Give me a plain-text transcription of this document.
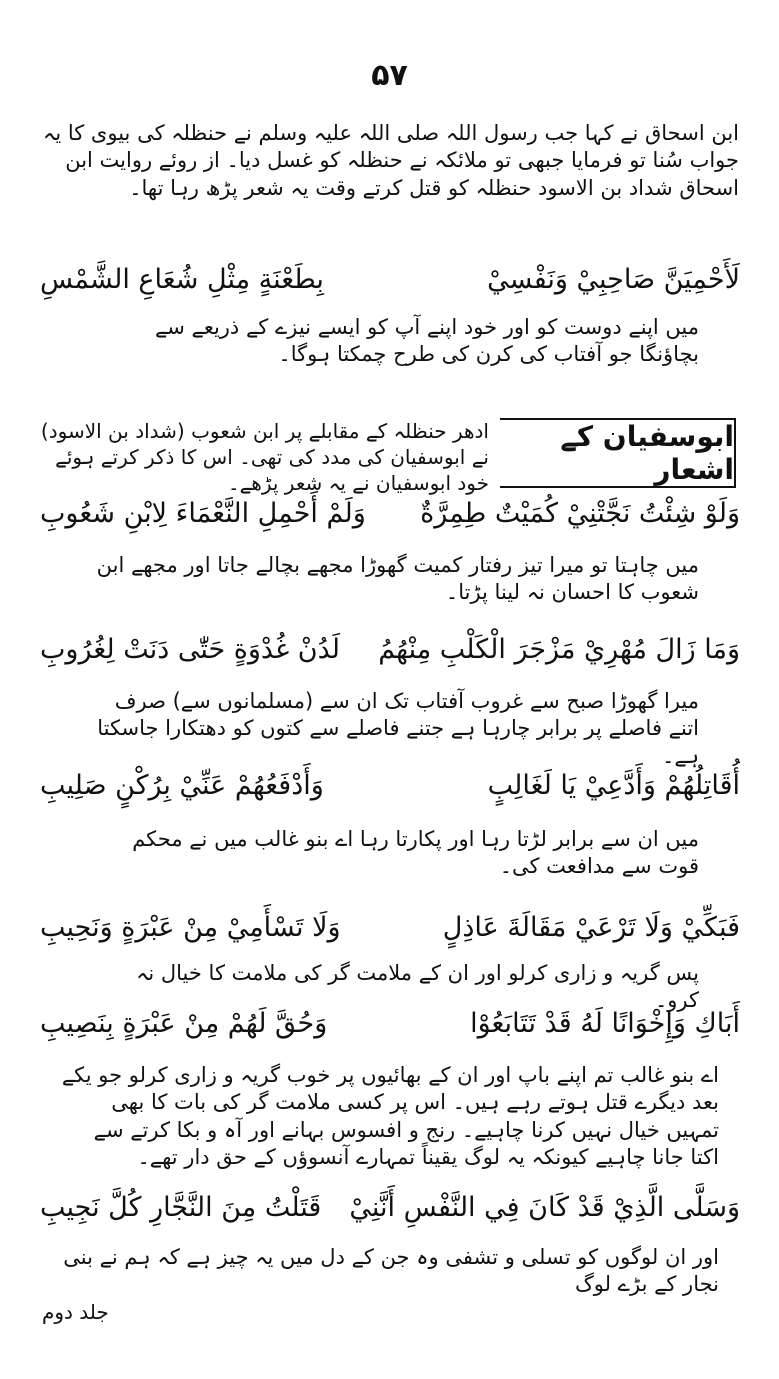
۵۷

ابن اسحاق نے کہا جب رسول اللہ صلی اللہ علیہ وسلم نے حنظلہ کی بیوی کا یہ جواب سُنا تو فرمایا جبھی تو ملائکہ نے حنظلہ کو غسل دیا۔ از روئے روایت ابن اسحاق شداد بن الاسود حنظلہ کو قتل کرتے وقت یہ شعر پڑھ رہا تھا۔

لَأَحْمِيَنَّ صَاحِبِيْ وَنَفْسِيْ
بِطَعْنَةٍ مِثْلِ شُعَاعِ الشَّمْسِ

میں اپنے دوست کو اور خود اپنے آپ کو ایسے نیزے کے ذریعے سے بچاؤنگا جو آفتاب کی کرن کی طرح چمکتا ہوگا۔

ابوسفیان کے اشعار

ادھر حنظلہ کے مقابلے پر ابن شعوب (شداد بن الاسود) نے ابوسفیان کی مدد کی تھی۔ اس کا ذکر کرتے ہوئے خود ابوسفیان نے یہ شعر پڑھے۔

وَلَوْ شِئْتُ نَجَّتْنِيْ كُمَيْتٌ طِمِرَّةٌ
وَلَمْ أَحْمِلِ النَّعْمَاءَ لِابْنِ شَعُوبِ

میں چاہتا تو میرا تیز رفتار کمیت گھوڑا مجھے بچالے جاتا اور مجھے ابن شعوب کا احسان نہ لینا پڑتا۔

وَمَا زَالَ مُهْرِيْ مَزْجَرَ الْكَلْبِ مِنْهُمُ
لَدُنْ غُدْوَةٍ حَتّٰى دَنَتْ لِغُرُوبِ

میرا گھوڑا صبح سے غروب آفتاب تک ان سے (مسلمانوں سے) صرف اتنے فاصلے پر برابر چارہا ہے جتنے فاصلے سے کتوں کو دھتکارا جاسکتا ہے۔

أُقَاتِلُهُمْ وَأَدَّعِيْ يَا لَغَالِبٍ
وَأَدْفَعُهُمْ عَنِّيْ بِرُكْنٍ صَلِيبِ

میں ان سے برابر لڑتا رہا اور پکارتا رہا اے بنو غالب میں نے محکم قوت سے مدافعت کی۔

فَبَكِّيْ وَلَا تَرْعَيْ مَقَالَةَ عَاذِلٍ
وَلَا تَسْأَمِيْ مِنْ عَبْرَةٍ وَنَحِيبِ

پس گریہ و زاری کرلو اور ان کے ملامت گر کی ملامت کا خیال نہ کرو۔

أَبَاكِ وَإِخْوَانًا لَهُ قَدْ تَتَابَعُوْا
وَحُقَّ لَهُمْ مِنْ عَبْرَةٍ بِنَصِيبِ

اے بنو غالب تم اپنے باپ اور ان کے بھائیوں پر خوب گریہ و زاری کرلو جو یکے بعد دیگرے قتل ہوتے رہے ہیں۔ اس پر کسی ملامت گر کی بات کا بھی تمہیں خیال نہیں کرنا چاہیے۔ رنج و افسوس بہانے اور آہ و بکا کرتے سے اکتا جانا چاہیے کیونکہ یہ لوگ یقیناً تمہارے آنسوؤں کے حق دار تھے۔

وَسَلَّى الَّذِيْ قَدْ كَانَ فِي النَّفْسِ أَنَّنِيْ
قَتَلْتُ مِنَ النَّجَّارِ كُلَّ نَجِيبِ

اور ان لوگوں کو تسلی و تشفی وہ جن کے دل میں یہ چیز ہے کہ ہم نے بنی نجار کے بڑے لوگ

جلد دوم
